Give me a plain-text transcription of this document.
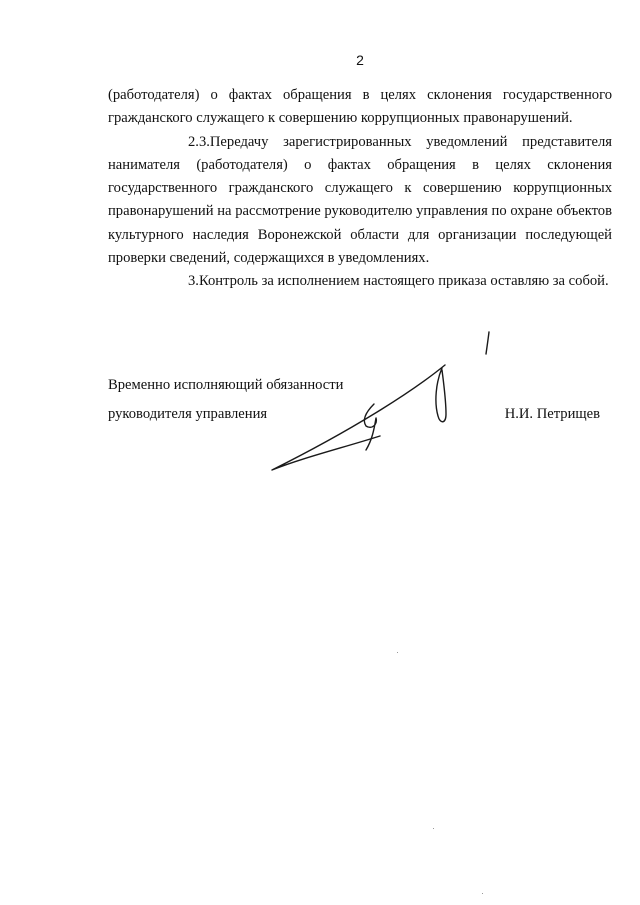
2

(работодателя) о фактах обращения в целях склонения государственного гражданского служащего к совершению коррупционных правонарушений.

2.3.Передачу зарегистрированных уведомлений представителя нанимателя (работодателя) о фактах обращения в целях склонения государственного гражданского служащего к совершению коррупционных правонарушений на рассмотрение руководителю управления по охране объектов культурного наследия Воронежской области для организации последующей проверки сведений, содержащихся в уведомлениях.

3.Контроль за исполнением настоящего приказа оставляю за собой.

Временно исполняющий обязанности
руководителя управления	Н.И. Петрищев
